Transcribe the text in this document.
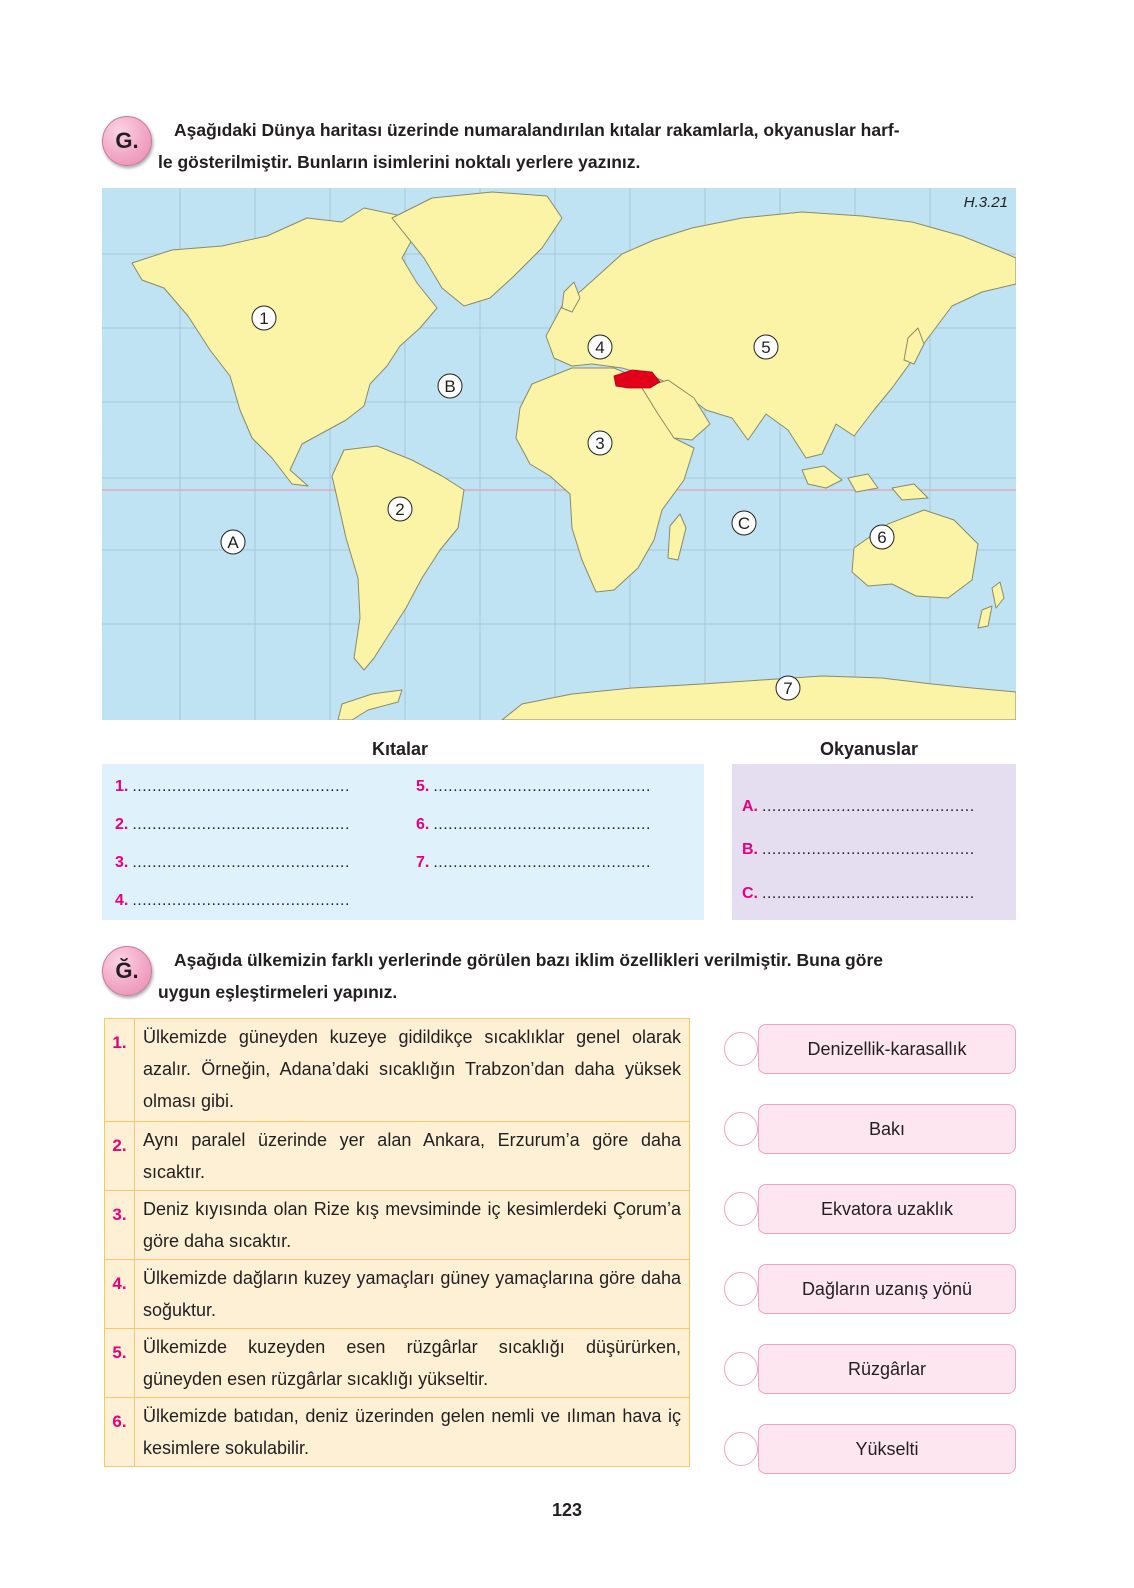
G. Aşağıdaki Dünya haritası üzerinde numaralandırılan kıtalar rakamlarla, okyanuslar harf-
le gösterilmiştir. Bunların isimlerini noktalı yerlere yazınız.
1
2
3
4	5
6
7
A
B
C
H.3.21
Kıtalar	Okyanuslar
1. ............................................
2. ............................................
3. ............................................
4. ............................................
5. ............................................
6. ............................................
7. ............................................
A. ...........................................
B. ...........................................
C. ...........................................
Ğ. Aşağıda ülkemizin farklı yerlerinde görülen bazı iklim özellikleri verilmiştir. Buna göre
uygun eşleştirmeleri yapınız.
1. Ülkemizde güneyden kuzeye gidildikçe sıcaklıklar genel olarak azalır. Örneğin, Adana’daki sıcaklığın Trabzon’dan daha yüksek olması gibi.
2. Aynı paralel üzerinde yer alan Ankara, Erzurum’a göre daha sıcaktır.
3. Deniz kıyısında olan Rize kış mevsiminde iç kesimlerdeki Çorum’a göre daha sıcaktır.
4. Ülkemizde dağların kuzey yamaçları güney yamaçlarına göre daha soğuktur.
5. Ülkemizde kuzeyden esen rüzgârlar sıcaklığı düşürürken, güneyden esen rüzgârlar sıcaklığı yükseltir.
6. Ülkemizde batıdan, deniz üzerinden gelen nemli ve ılıman hava iç kesimlere sokulabilir.
Denizellik-karasallık
Bakı
Ekvatora uzaklık
Dağların uzanış yönü
Rüzgârlar
Yükselti
123
